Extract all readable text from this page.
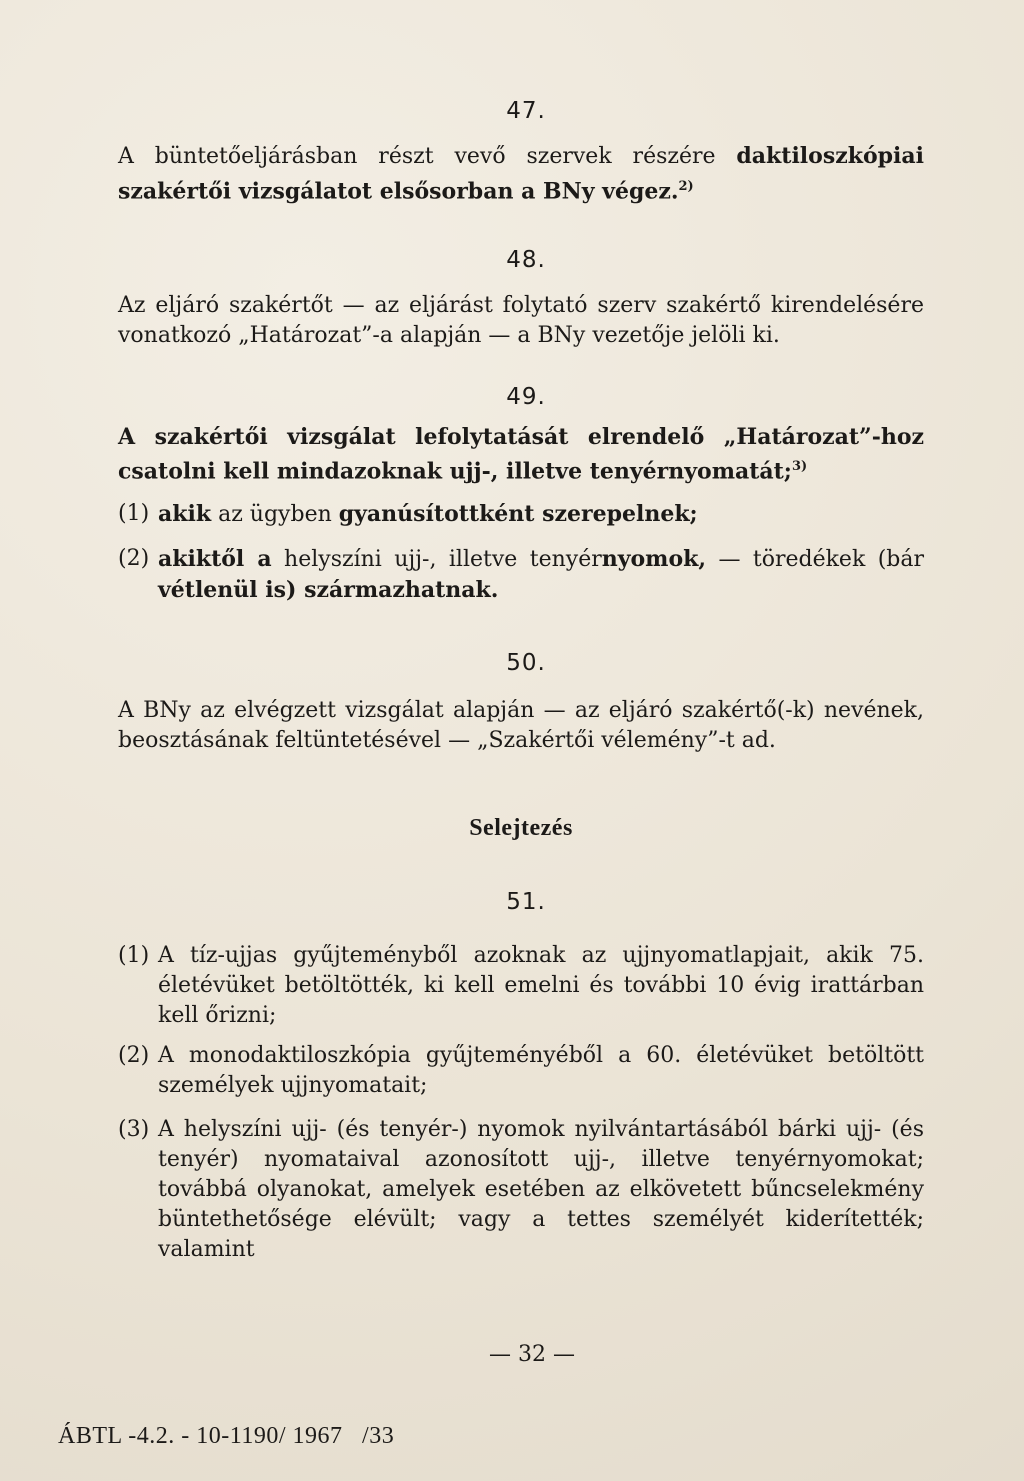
47.

A büntetőeljárásban részt vevő szervek részére daktiloszkópiai szakértői vizsgálatot elsősorban a BNy végez.$^{2)}$

48.

Az eljáró szakértőt — az eljárást folytató szerv szakértő kirendelésére vonatkozó „Határozat”-a alapján — a BNy vezetője jelöli ki.

49.

A szakértői vizsgálat lefolytatását elrendelő „Határozat”-hoz csatolni kell mindazoknak ujj-, illetve tenyérnyomatát;$^{3)}$

(1) akik az ügyben gyanúsítottként szerepelnek;
(2) akiktől a helyszíni ujj-, illetve tenyérnyomok, — töredékek (bár vétlenül is) származhatnak.
50.

A BNy az elvégzett vizsgálat alapján — az eljáró szakértő(-k) nevének, beosztásának feltüntetésével — „Szakértői vélemény”-t ad.

Selejtezés
51.
(1) A tíz-ujjas gyűjteményből azoknak az ujjnyomatlapjait, akik 75. életévüket betöltötték, ki kell emelni és további 10 évig irattárban kell őrizni;
(2) A monodaktiloszkópia gyűjteményéből a 60. életévüket betöltött személyek ujjnyomatait;
(3) A helyszíni ujj- (és tenyér-) nyomok nyilvántartásából bárki ujj- (és tenyér) nyomataival azonosított ujj-, illetve tenyérnyomokat; továbbá olyanokat, amelyek esetében az elkövetett bűncselekmény büntethetősége elévült; vagy a tettes személyét kiderítették; valamint
— 32 —
ÁBTL -4.2. - 10-1190/ 1967   /33
